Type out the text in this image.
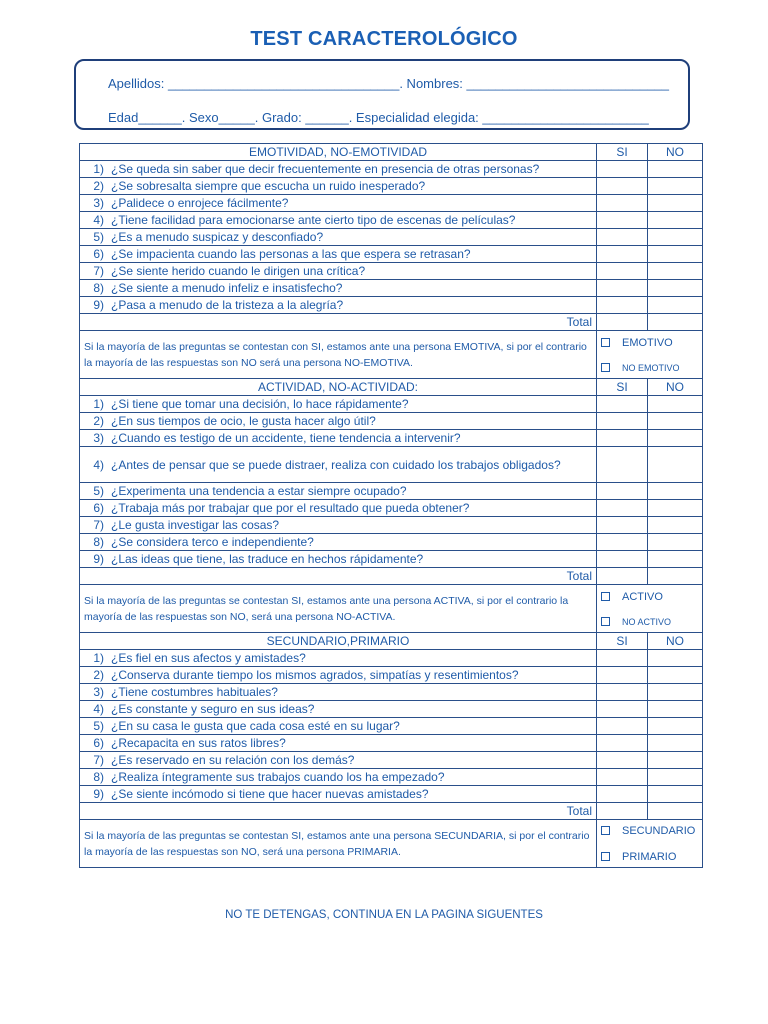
TEST CARACTEROLÓGICO
Apellidos: ________________________________. Nombres: ____________________________
Edad______. Sexo_____. Grado: ______. Especialidad elegida: _______________________
EMOTIVIDAD, NO-EMOTIVIDAD	SI	NO

1) ¿Se queda sin saber que decir frecuentemente en presencia de otras personas?		

2) ¿Se sobresalta siempre que escucha un ruido inesperado?		

3) ¿Palidece o enrojece fácilmente?		

4) ¿Tiene facilidad para emocionarse ante cierto tipo de escenas de películas?		

5) ¿Es a menudo suspicaz y desconfiado?		

6) ¿Se impacienta cuando las personas a las que espera se retrasan?		

7) ¿Se siente herido cuando le dirigen una crítica?		

8) ¿Se siente a menudo infeliz e insatisfecho?		

9) ¿Pasa a menudo de la tristeza a la alegría?		

Total		
Si la mayoría de las preguntas se contestan con SI, estamos ante una persona EMOTIVA, si por el contrario la mayoría de las respuestas son NO será una persona NO-EMOTIVA.	EMOTIVO
NO EMOTIVO	

ACTIVIDAD, NO-ACTIVIDAD:	SI	NO

1) ¿Si tiene que tomar una decisión, lo hace rápidamente?		

2) ¿En sus tiempos de ocio, le gusta hacer algo útil?		

3) ¿Cuando es testigo de un accidente, tiene tendencia a intervenir?		

4) ¿Antes de pensar que se puede distraer, realiza con cuidado los trabajos obligados?		

5) ¿Experimenta una tendencia a estar siempre ocupado?		

6) ¿Trabaja más por trabajar que por el resultado que pueda obtener?		

7) ¿Le gusta investigar las cosas?		

8) ¿Se considera terco e independiente?		

9) ¿Las ideas que tiene, las traduce en hechos rápidamente?		

Total		
Si la mayoría de las preguntas se contestan SI, estamos ante una persona ACTIVA, si por el contrario la mayoría de las respuestas son NO, será una persona NO-ACTIVA.	ACTIVO
NO ACTIVO	

SECUNDARIO,PRIMARIO	SI	NO

1) ¿Es fiel en sus afectos y amistades?		

2) ¿Conserva durante tiempo los mismos agrados, simpatías y resentimientos?		

3) ¿Tiene costumbres habituales?		

4) ¿Es constante y seguro en sus ideas?		

5) ¿En su casa le gusta que cada cosa esté en su lugar?		

6) ¿Recapacita en sus ratos libres?		

7) ¿Es reservado en su relación con los demás?		

8) ¿Realiza íntegramente sus trabajos cuando los ha empezado?		

9) ¿Se siente incómodo si tiene que hacer nuevas amistades?		

Total		
Si la mayoría de las preguntas se contestan SI, estamos ante una persona SECUNDARIA, si por el contrario la mayoría de las respuestas son NO, será una persona PRIMARIA.	SECUNDARIO
PRIMARIO	
NO TE DETENGAS, CONTINUA EN LA PAGINA SIGUENTES
